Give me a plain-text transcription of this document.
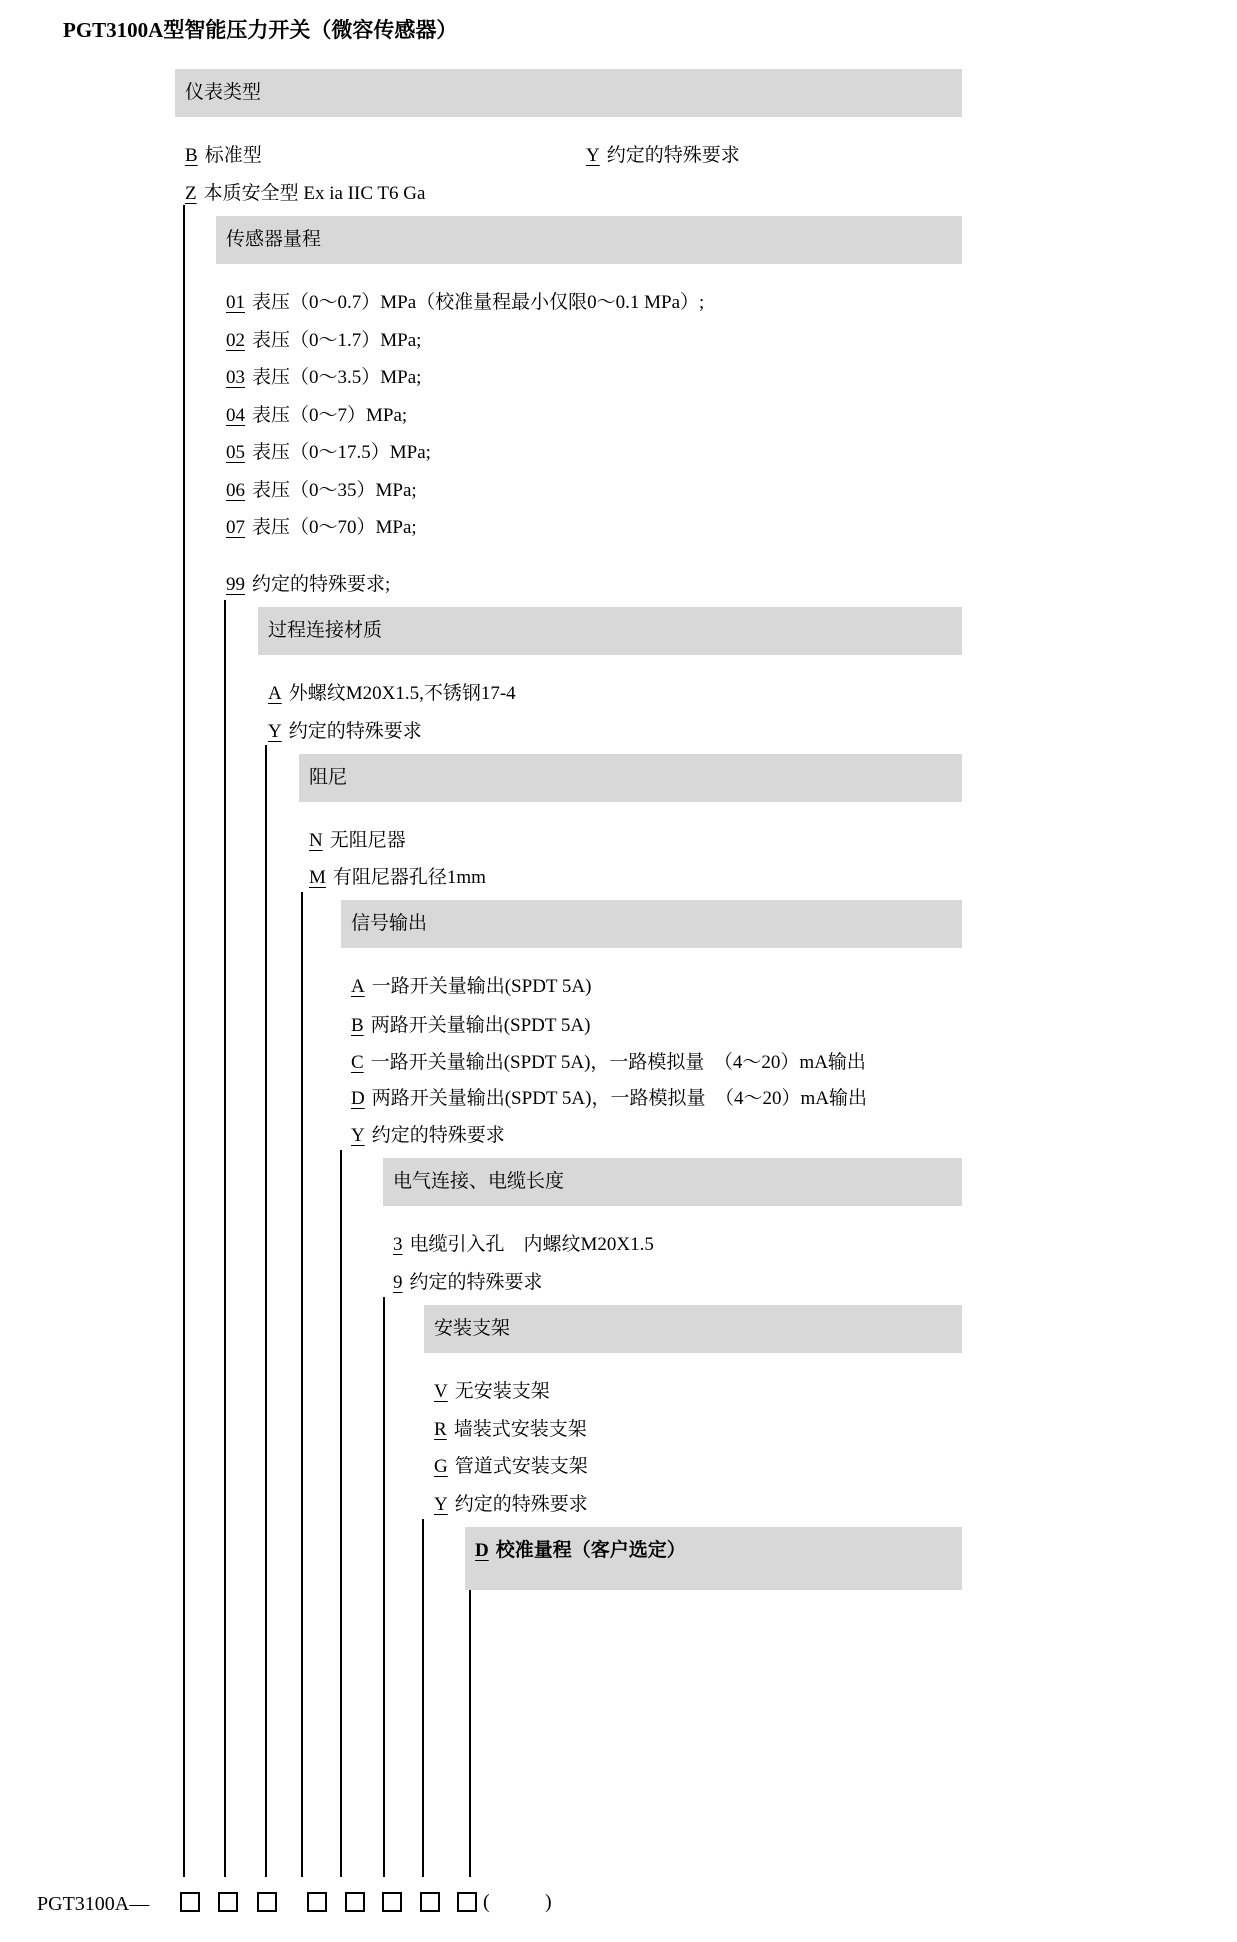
PGT3100A型智能压力开关（微容传感器）
仪表类型
B 标准型	Y 约定的特殊要求
Z 本质安全型 Ex ia IIC T6 Ga
传感器量程
01 表压（0～0.7）MPa（校准量程最小仅限0～0.1 MPa）;
02 表压（0～1.7）MPa;
03 表压（0～3.5）MPa;
04 表压（0～7）MPa;
05 表压（0～17.5）MPa;
06 表压（0～35）MPa;
07 表压（0～70）MPa;
99 约定的特殊要求;
过程连接材质
A 外螺纹M20X1.5,不锈钢17-4
Y 约定的特殊要求
阻尼
N 无阻尼器
M 有阻尼器孔径1mm
信号输出
A 一路开关量输出(SPDT 5A)
B 两路开关量输出(SPDT 5A)
C 一路开关量输出(SPDT 5A)，一路模拟量　（4～20）mA输出
D 两路开关量输出(SPDT 5A)，一路模拟量　（4～20）mA输出
Y 约定的特殊要求
电气连接、电缆长度
3 电缆引入孔　内螺纹M20X1.5
9 约定的特殊要求
安装支架
V 无安装支架
R 墙装式安装支架
G 管道式安装支架
Y 约定的特殊要求
D 校准量程（客户选定）
PGT3100A—	(	)
